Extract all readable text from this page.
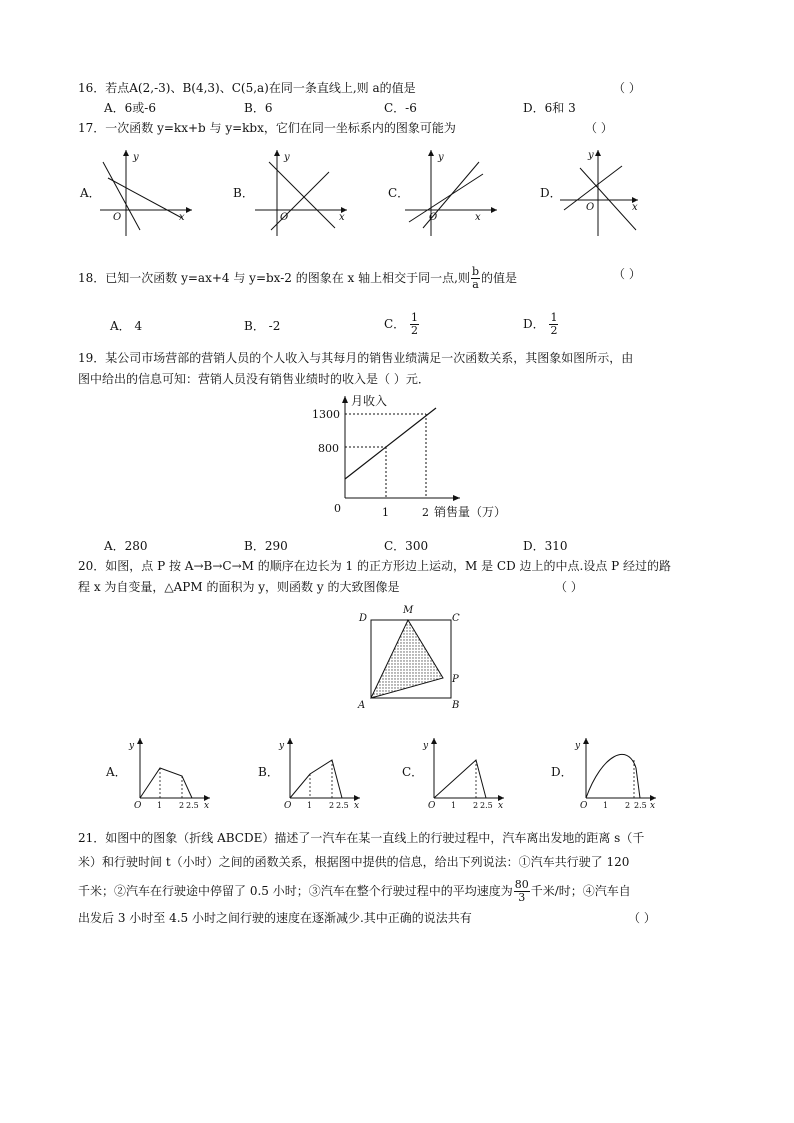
16．若点A(2,-3)、B(4,3)、C(5,a)在同一条直线上,则 a的值是	（ ）
A．6或-6	B．6	C．-6	D．6和 3
17．一次函数 y=kx+b 与 y=kbx，它们在同一坐标系内的图象可能为	（ ）
A．
y
x
O
B．
y
x
O
C．
y
x
O
D．
y
x
O
18．已知一次函数 y=ax+4 与 y=bx-2 的图象在 x 轴上相交于同一点,则 $\frac{b}{a}$ 的值是	（ ）
A． 4	B． -2	C． $\frac{1}{2}$	D． $\frac{1}{2}$
19．某公司市场营部的营销人员的个人收入与其每月的销售业绩满足一次函数关系，其图象如图所示，由
图中给出的信息可知：营销人员没有销售业绩时的收入是（ ）元．
月收入
1300
800
0	1	2 销售量（万）
A．280	B．290	C．300	D．310
20．如图，点 P 按 A→B→C→M 的顺序在边长为 1 的正方形边上运动，M 是 CD 边上的中点.设点 P 经过的路
程 x 为自变量，△APM 的面积为 y，则函数 y 的大致图像是	（ ）
D
M
C
P
A	B
A．
y
O 1 2 2.5 x
B．
y
O 1 2 2.5 x
C．
y
O 1 2 2.5 x
D．
y
O 1 2 2.5 x
21．如图中的图象（折线 ABCDE）描述了一汽车在某一直线上的行驶过程中，汽车离出发地的距离 s（千
米）和行驶时间 t（小时）之间的函数关系，根据图中提供的信息，给出下列说法：①汽车共行驶了 120
千米；②汽车在行驶途中停留了 0.5 小时；③汽车在整个行驶过程中的平均速度为 $\frac{80}{3}$ 千米/时；④汽车自
出发后 3 小时至 4.5 小时之间行驶的速度在逐渐减少.其中正确的说法共有	（ ）
